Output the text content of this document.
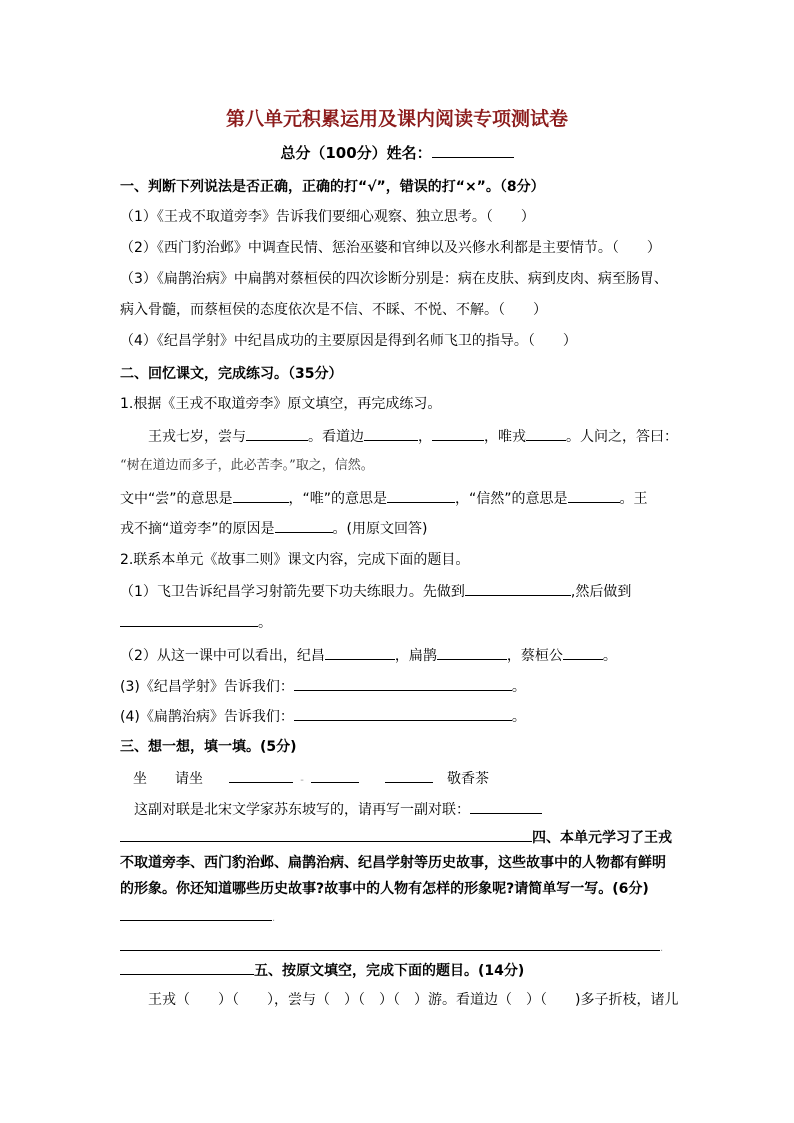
第八单元积累运用及课内阅读专项测试卷
总分（100分）姓名：
一、判断下列说法是否正确，正确的打“√”，错误的打“×”。（8分）
（1）《王戎不取道旁李》告诉我们要细心观察、独立思考。（　　）
（2）《西门豹治邺》中调查民情、惩治巫婆和官绅以及兴修水利都是主要情节。（　　）
（3）《扁鹊治病》中扁鹊对蔡桓侯的四次诊断分别是：病在皮肤、病到皮肉、病至肠胃、
病入骨髓，而蔡桓侯的态度依次是不信、不睬、不悦、不解。（　　）
（4）《纪昌学射》中纪昌成功的主要原因是得到名师飞卫的指导。（　　）
二、回忆课文，完成练习。（35分）
1.根据《王戎不取道旁李》原文填空，再完成练习。
王戎七岁，尝与	。看道边	，	，唯戎	。人问之，答曰：
“树在道边而多子，此必苦李。”取之，信然。
文中“尝”的意思是	，“唯”的意思是	，“信然”的意思是	。王
戎不摘“道旁李”的原因是	。(用原文回答)
2.联系本单元《故事二则》课文内容，完成下面的题目。
（1）飞卫告诉纪昌学习射箭先要下功夫练眼力。先做到	,然后做到
。
（2）从这一课中可以看出，纪昌	，扁鹊	，蔡桓公	。
(3)《纪昌学射》告诉我们：	。
(4)《扁鹊治病》告诉我们：	。
三、想一想，填一填。(5分)
坐 请坐	-	敬香茶
这副对联是北宋文学家苏东坡写的，请再写一副对联：
四、本单元学习了王戎
不取道旁李、西门豹治邺、扁鹊治病、纪昌学射等历史故事，这些故事中的人物都有鲜明
的形象。你还知道哪些历史故事?故事中的人物有怎样的形象呢?请简单写一写。(6分)
.
.
五、按原文填空，完成下面的题目。(14分)
王戎（　　）（　　），尝与（　）（　）（　）游。看道边（　）（　　)多子折枝，诸儿
